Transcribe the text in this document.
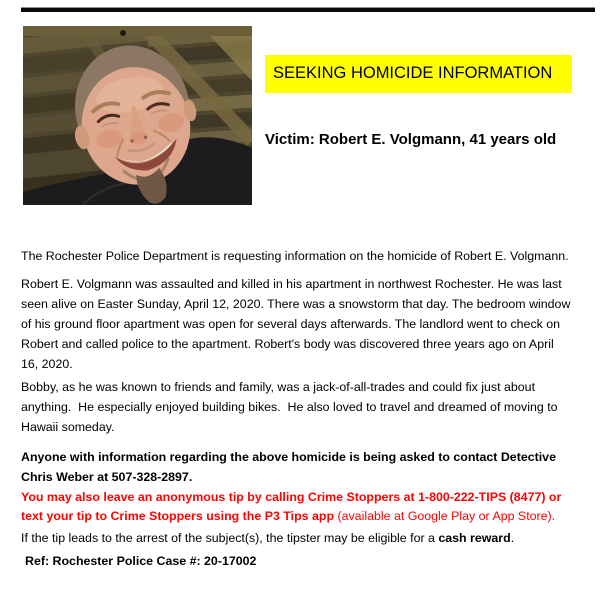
SEEKING HOMICIDE INFORMATION
Victim: Robert E. Volgmann, 41 years old

The Rochester Police Department is requesting information on the homicide of Robert E. Volgmann.

Robert E. Volgmann was assaulted and killed in his apartment in northwest Rochester. He was last seen alive on Easter Sunday, April 12, 2020. There was a snowstorm that day. The bedroom window of his ground floor apartment was open for several days afterwards. The landlord went to check on Robert and called police to the apartment. Robert's body was discovered three years ago on April 16, 2020.

Bobby, as he was known to friends and family, was a jack-of-all-trades and could fix just about anything.  He especially enjoyed building bikes.  He also loved to travel and dreamed of moving to Hawaii someday.

Anyone with information regarding the above homicide is being asked to contact Detective Chris Weber at 507-328-2897.

You may also leave an anonymous tip by calling Crime Stoppers at 1-800-222-TIPS (8477) or text your tip to Crime Stoppers using the P3 Tips app (available at Google Play or App Store).

If the tip leads to the arrest of the subject(s), the tipster may be eligible for a cash reward.

Ref: Rochester Police Case #: 20-17002
